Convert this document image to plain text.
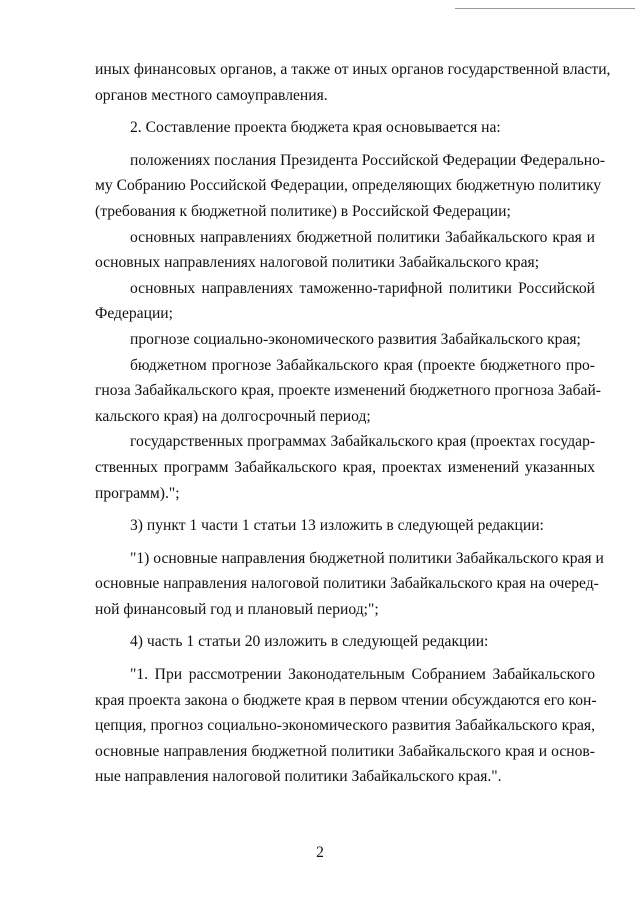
иных финансовых органов, а также от иных органов государственной власти,
органов местного самоуправления.
2. Составление проекта бюджета края основывается на:
положениях послания Президента Российской Федерации Федерально-
му Собранию Российской Федерации, определяющих бюджетную политику
(требования к бюджетной политике) в Российской Федерации;
основных направлениях бюджетной политики Забайкальского края и
основных направлениях налоговой политики Забайкальского края;
основных направлениях таможенно-тарифной политики Российской
Федерации;
прогнозе социально-экономического развития Забайкальского края;
бюджетном прогнозе Забайкальского края (проекте бюджетного про-
гноза Забайкальского края, проекте изменений бюджетного прогноза Забай-
кальского края) на долгосрочный период;
государственных программах Забайкальского края (проектах государ-
ственных программ Забайкальского края, проектах изменений указанных
программ).";
3) пункт 1 части 1 статьи 13 изложить в следующей редакции:
"1) основные направления бюджетной политики Забайкальского края и
основные направления налоговой политики Забайкальского края на очеред-
ной финансовый год и плановый период;";
4) часть 1 статьи 20 изложить в следующей редакции:
"1. При рассмотрении Законодательным Собранием Забайкальского
края проекта закона о бюджете края в первом чтении обсуждаются его кон-
цепция, прогноз социально-экономического развития Забайкальского края,
основные направления бюджетной политики Забайкальского края и основ-
ные направления налоговой политики Забайкальского края.".
2
